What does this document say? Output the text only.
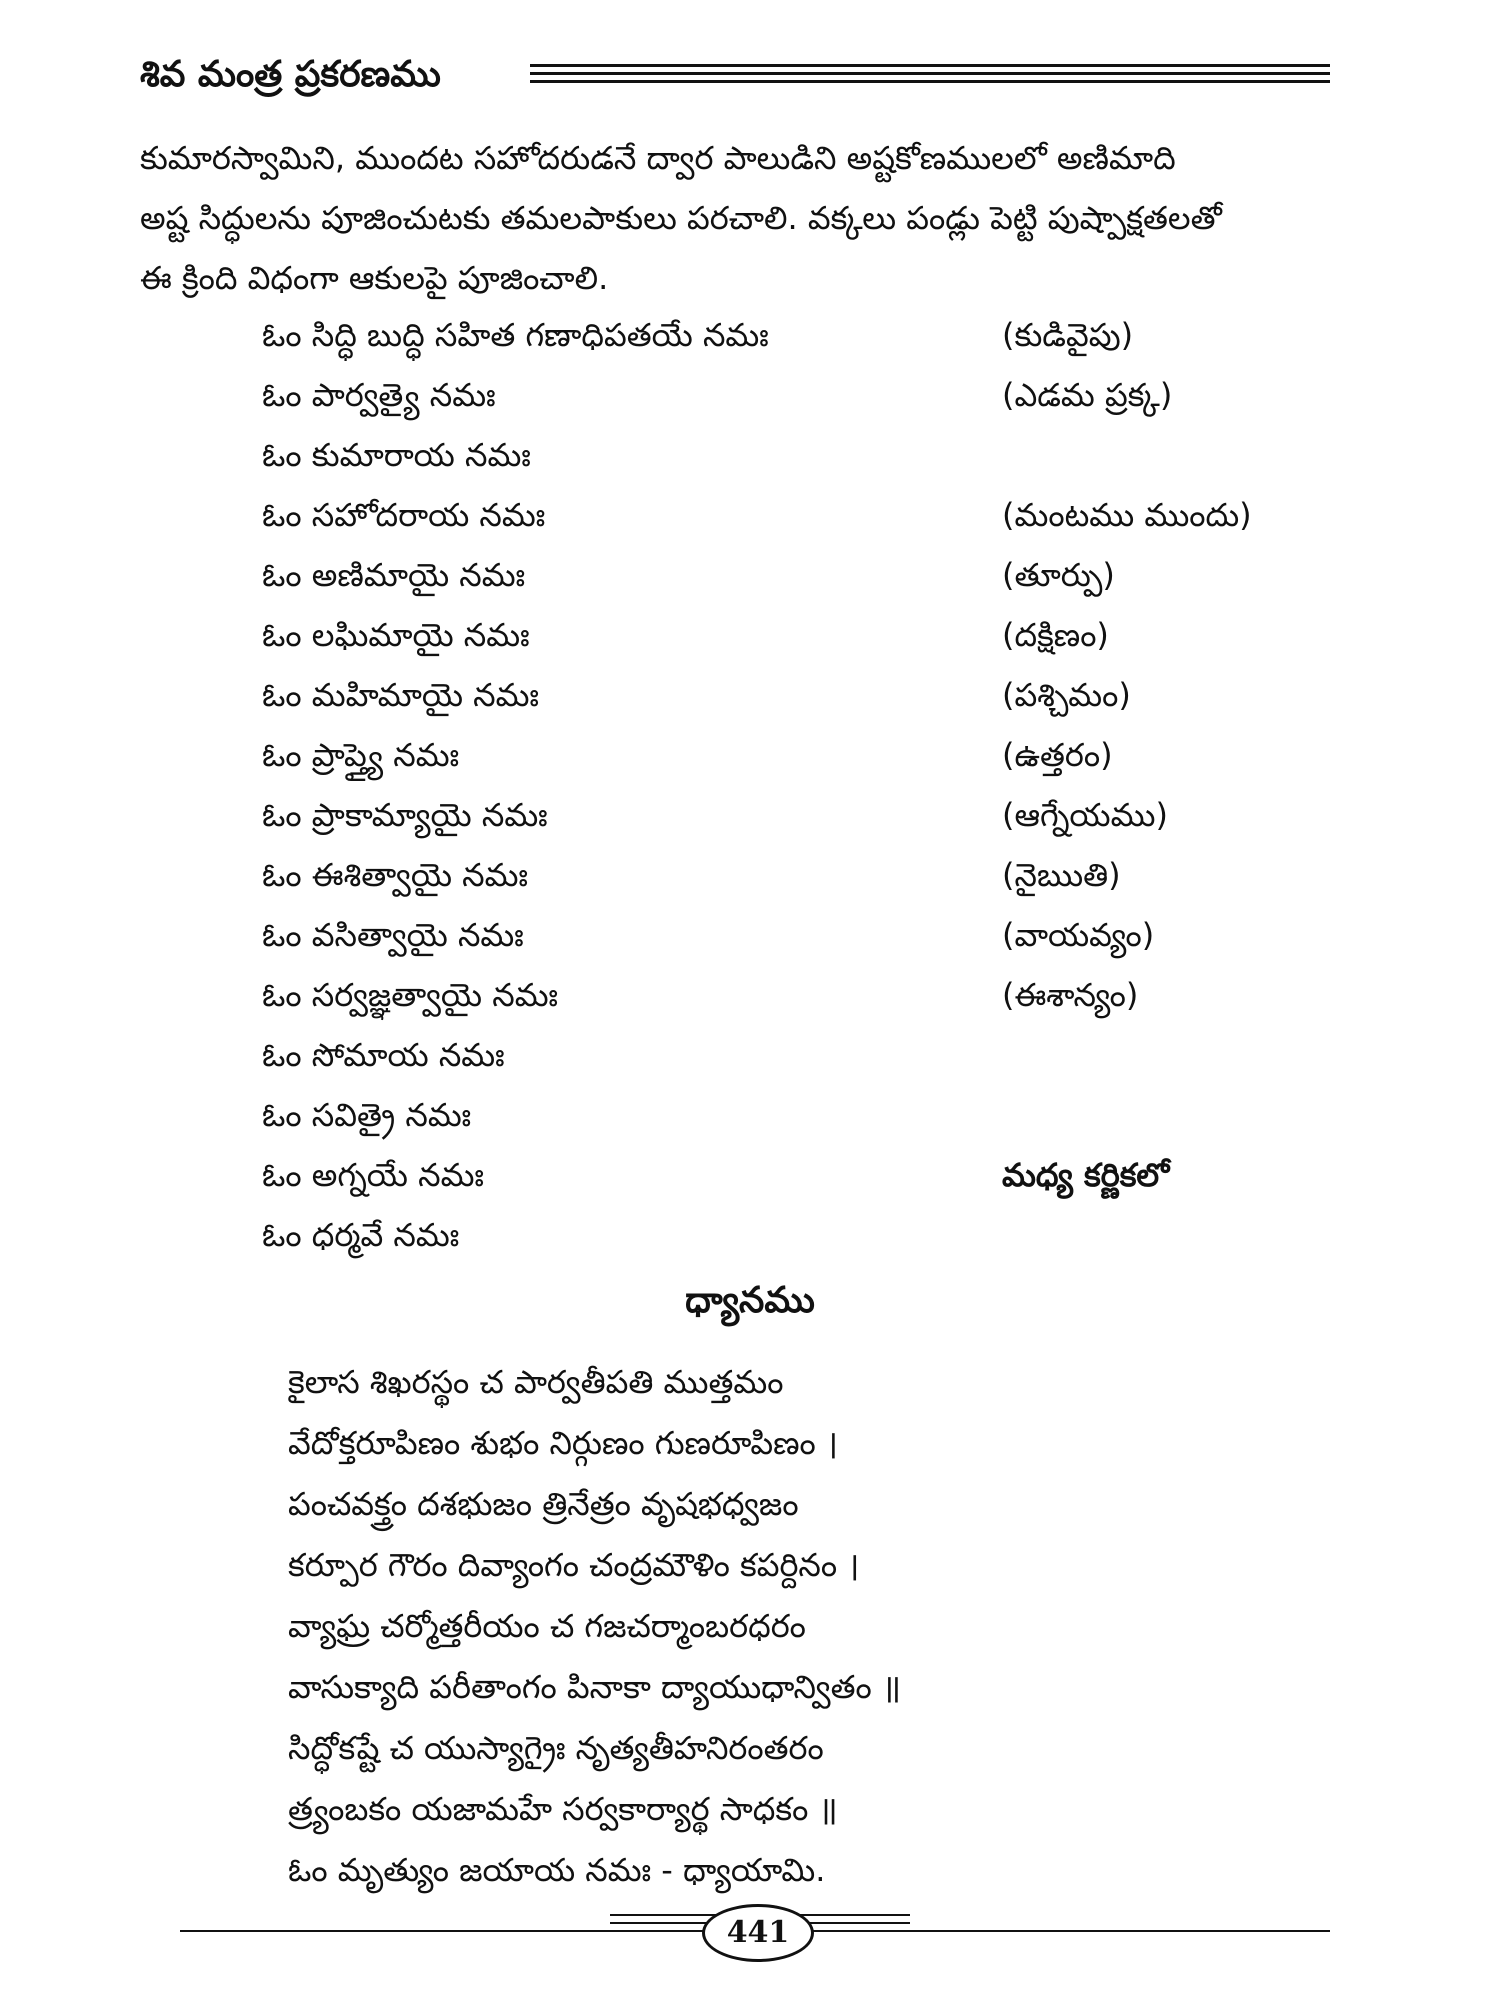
శివ మంత్ర ప్రకరణము
కుమారస్వామిని, ముందట సహోదరుడనే ద్వార పాలుడిని అష్టకోణములలో అణిమాది
అష్ట సిద్ధులను పూజించుటకు తమలపాకులు పరచాలి. వక్కలు పండ్లు పెట్టి పుష్పాక్షతలతో
ఈ క్రింది విధంగా ఆకులపై పూజించాలి.
ఓం సిద్ధి బుద్ధి సహిత గణాధిపతయే నమః	(కుడివైపు)
ఓం పార్వత్యై నమః	(ఎడమ ప్రక్క)
ఓం కుమారాయ నమః
ఓం సహోదరాయ నమః	(మంటము ముందు)
ఓం అణిమాయై నమః	(తూర్పు)
ఓం లఘిమాయై నమః	(దక్షిణం)
ఓం మహిమాయై నమః	(పశ్చిమం)
ఓం ప్రాప్త్యై నమః	(ఉత్తరం)
ఓం ప్రాకామ్యాయై నమః	(ఆగ్నేయము)
ఓం ఈశిత్వాయై నమః	(నైఋతి)
ఓం వసిత్వాయై నమః	(వాయవ్యం)
ఓం సర్వజ్ఞత్వాయై నమః	(ఈశాన్యం)
ఓం సోమాయ నమః
ఓం సవిత్రై నమః
ఓం అగ్నయే నమః	మధ్య కర్ణికలో
ఓం ధర్మవే నమః
ధ్యానము
కైలాస శిఖరస్థం చ పార్వతీపతి ముత్తమం
వేదోక్తరూపిణం శుభం నిర్గుణం గుణరూపిణం ।
పంచవక్త్రం దశభుజం త్రినేత్రం వృషభధ్వజం
కర్పూర గౌరం దివ్యాంగం చంద్రమౌళిం కపర్దినం ।
వ్యాఘ్ర చర్మోత్తరీయం చ గజచర్మాంబరధరం
వాసుక్యాది పరీతాంగం పినాకా ద్యాయుధాన్వితం ॥
సిద్ధోకష్టే చ యుస్యాగ్రైః నృత్యతీహనిరంతరం
త్ర్యంబకం యజామహే సర్వకార్యార్థ సాధకం ॥
ఓం మృత్యుం జయాయ నమః - ధ్యాయామి.
441
